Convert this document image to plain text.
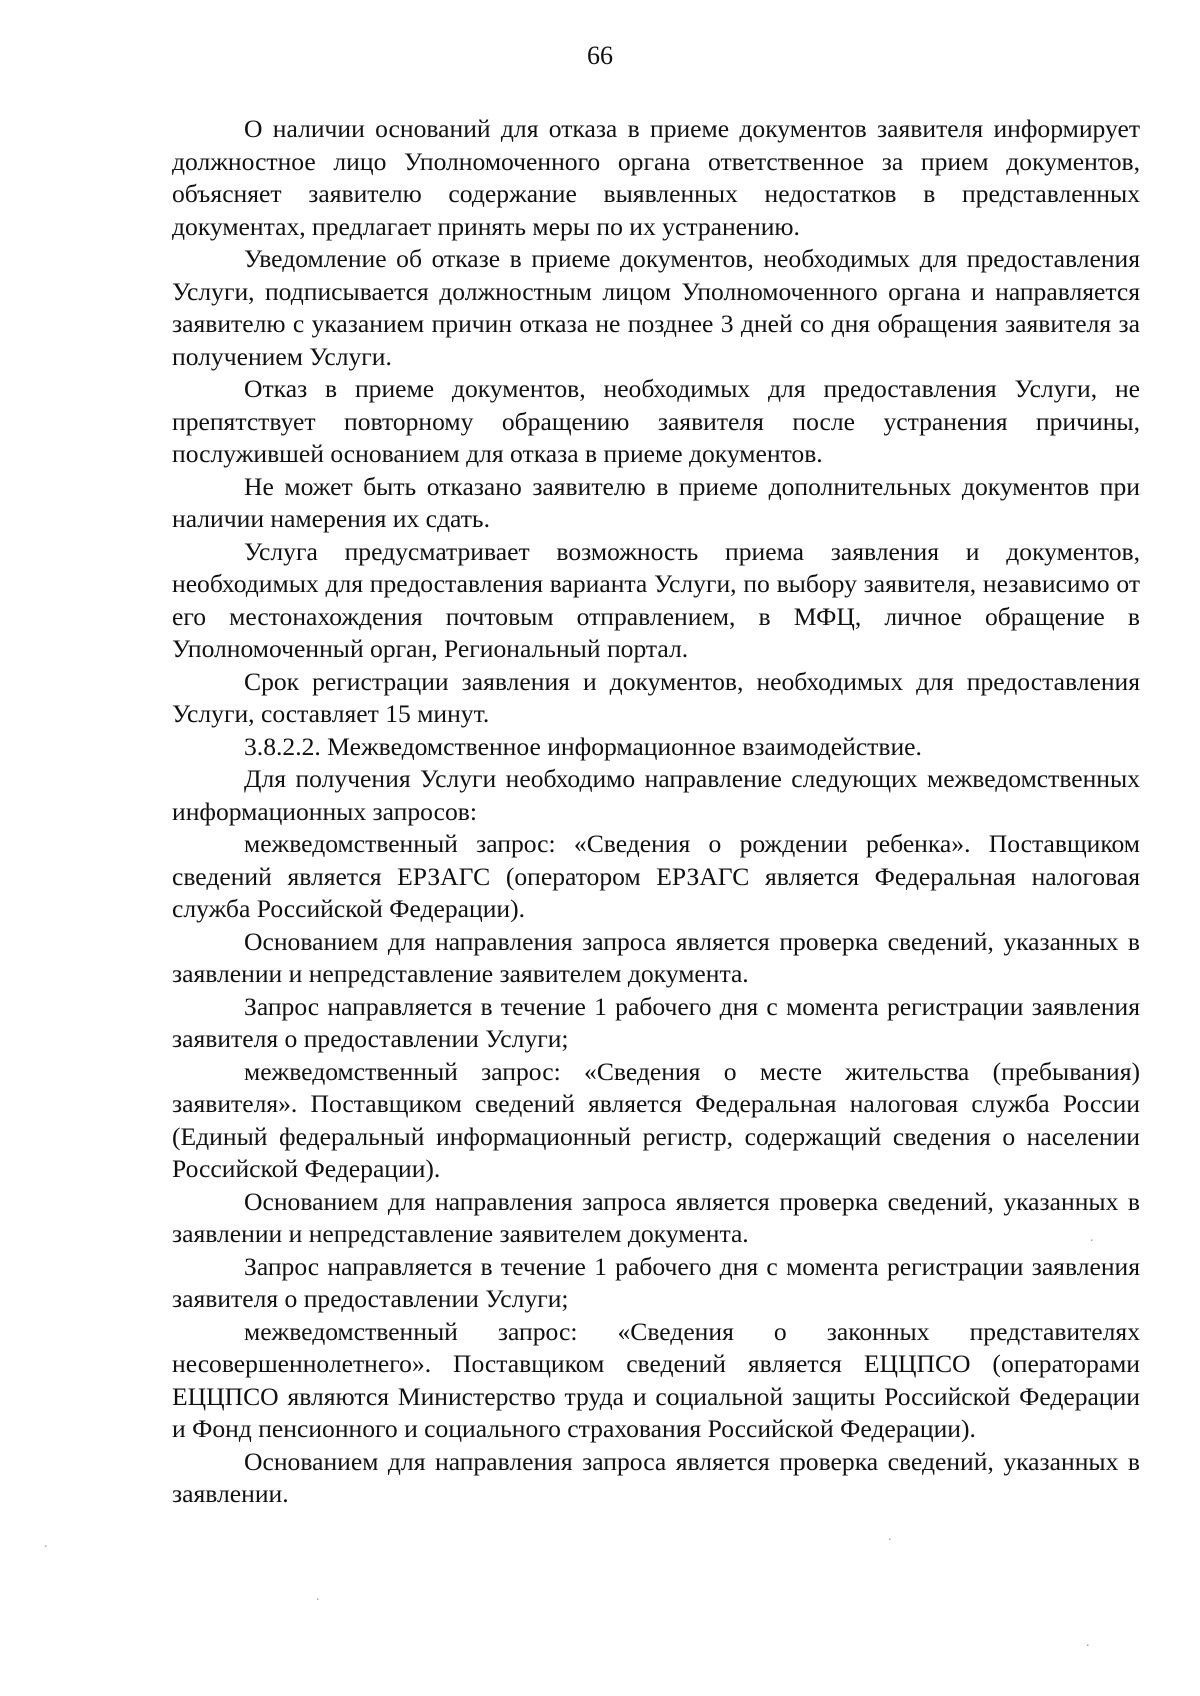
66

О наличии оснований для отказа в приеме документов заявителя информирует должностное лицо Уполномоченного органа ответственное за прием документов, объясняет заявителю содержание выявленных недостатков в представленных документах, предлагает принять меры по их устранению.

Уведомление об отказе в приеме документов, необходимых для предоставления Услуги, подписывается должностным лицом Уполномоченного органа и направляется заявителю с указанием причин отказа не позднее 3 дней со дня обращения заявителя за получением Услуги.

Отказ в приеме документов, необходимых для предоставления Услуги, не препятствует повторному обращению заявителя после устранения причины, послужившей основанием для отказа в приеме документов.

Не может быть отказано заявителю в приеме дополнительных документов при наличии намерения их сдать.

Услуга предусматривает возможность приема заявления и документов, необходимых для предоставления варианта Услуги, по выбору заявителя, независимо от его местонахождения почтовым отправлением, в МФЦ, личное обращение в Уполномоченный орган, Региональный портал.

Срок регистрации заявления и документов, необходимых для предоставления Услуги, составляет 15 минут.

3.8.2.2. Межведомственное информационное взаимодействие.

Для получения Услуги необходимо направление следующих межведомственных информационных запросов:

межведомственный запрос: «Сведения о рождении ребенка». Поставщиком сведений является ЕРЗАГС (оператором ЕРЗАГС является Федеральная налоговая служба Российской Федерации).

Основанием для направления запроса является проверка сведений, указанных в заявлении и непредставление заявителем документа.

Запрос направляется в течение 1 рабочего дня с момента регистрации заявления заявителя о предоставлении Услуги;

межведомственный запрос: «Сведения о месте жительства (пребывания) заявителя». Поставщиком сведений является Федеральная налоговая служба России (Единый федеральный информационный регистр, содержащий сведения о населении Российской Федерации).

Основанием для направления запроса является проверка сведений, указанных в заявлении и непредставление заявителем документа.

Запрос направляется в течение 1 рабочего дня с момента регистрации заявления заявителя о предоставлении Услуги;

межведомственный запрос: «Сведения о законных представителях несовершеннолетнего». Поставщиком сведений является ЕЦЦПСО (операторами ЕЦЦПСО являются Министерство труда и социальной защиты Российской Федерации и Фонд пенсионного и социального страхования Российской Федерации).

Основанием для направления запроса является проверка сведений, указанных в заявлении.

.	.
.
.
.
